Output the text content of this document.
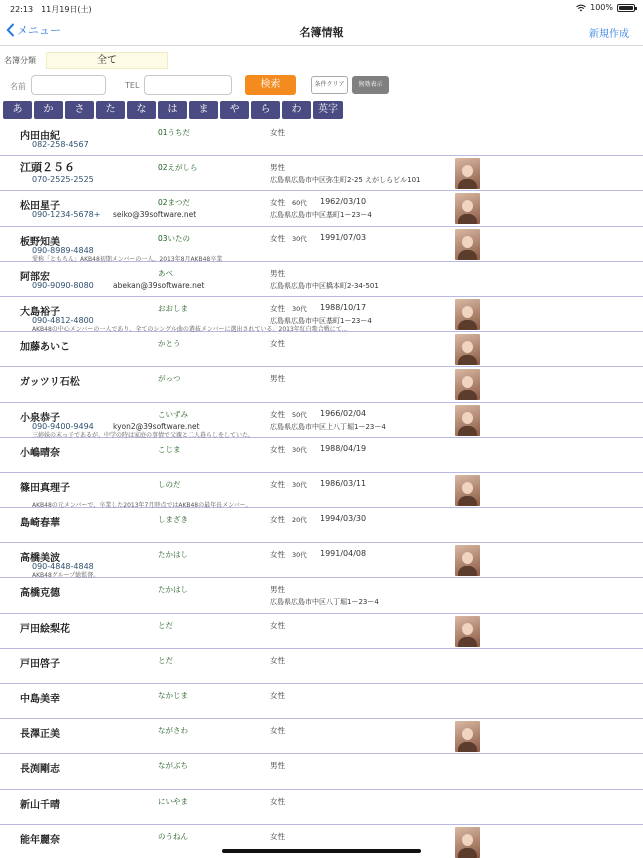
22:13　 11月19日(土)	100%
メニュー	名簿情報	新規作成
名簿分類	全て
名前	TEL	検索	条件クリア	無効表示
あ	か	さ	た	な	は	ま	や	ら	わ	英字
内田由紀	01うちだ	女性
082-258-4567
江頭２５６	02えがしら	男性
070-2525-2525	広島県広島市中区弥生町2-25 えがしらビル101
松田星子	02まつだ	女性 60代 1962/03/10
090-1234-5678+ seiko@39software.net	広島県広島市中区基町1ー23ー4
板野知美	03いたの	女性 30代 1991/07/03
090-8989-4848
愛称「ともちん」AKB48初期メンバーの一人。2013年8月AKB48卒業
阿部宏	あべ	男性
090-9090-8080	abekan@39software.net	広島県広島市中区橋本町2-34-501
大島裕子	おおしま	女性 30代 1988/10/17
090-4812-4800	広島県広島市中区基町1ー23ー4
AKB48の中心メンバーの一人であり、全てのシングル曲の選抜メンバーに選出されている。2013年紅白歌合戦にて…
加藤あいこ	かとう	女性
ガッツリ石松	がっつ	男性
小泉恭子	こいずみ	女性 50代 1966/02/04
090-9400-9494	kyon2@39software.net	広島県広島市中区上八丁堀1ー23ー4
三姉妹の末っ子であるが、中学の時は家庭の事情で父親と二人暮らしをしていた。
小嶋晴奈	こじま	女性 30代 1988/04/19
篠田真理子	しのだ	女性 30代 1986/03/11
AKB48の元メンバーで、卒業した2013年7月時点ではAKB48の最年長メンバー。
島崎春華	しまざき	女性 20代 1994/03/30
高橋美波	たかはし	女性 30代 1991/04/08
090-4848-4848
AKB48グループ総監督。
高橋克德	たかはし	男性
広島県広島市中区八丁堀1ー23ー4
戸田絵梨花	とだ	女性
戸田啓子	とだ	女性
中島美幸	なかじま	女性
長澤正美	ながさわ	女性
長渕剛志	ながぶち	男性
新山千晴	にいやま	女性
能年麗奈	のうねん	女性
